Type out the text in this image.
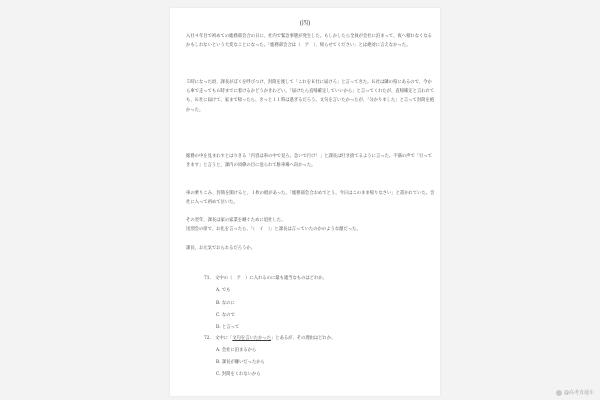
(四)
入社４年目で初めての総務部会合の日に、社内で緊急事態が発生した。もしかしたら全員が会社に泊まって、夜へ帰れなくなるかもしれないという大変なことになった。「総務部会合は（　ア　）、帰らせてください」とは絶対に言えなかった。
５時になった頃、課長がぼくを呼びつけ、封筒を渡して「これをＫ社に届けろ」と言ってきた。Ｋ社は隣の県にあるので、今から車で走っても６時までに着けるかどうかきわどい。「届けたら直帰確定していいから」と言ってくれたが、直帰確定と言われても、Ｋ社に届けて、家まで帰ったら、きっと１１時は過ぎるだろう。文句を言いたかったが、「分かりました」と言って封筒を抱かった。
総務の中を見まわすとはりきる「内容は車の中で見ろ。急いで行け！」と課長は吐き捨てるように言った。不満の声で「行ってきます」と言うと、課内の同僚の目に送られて駐車場へ向かった。
車の乗りこみ、封筒を開けると、１枚の紙があった。「総務部会合おめでとう。今日はこのまま帰りなさい」と書かれていた。会社に入って初めて泣いた。
その翌年、課長は家の家業を継ぐために退社した。
送別会の席で、お礼を言ったら、「（　イ　）」と課長は言っていたのかのような顔だった。
課長、お元気でおられるだろうか。
71.　文中の（　ア　）に入れるのに最も適当なものはどれか。
A. でも
B. なのに
C. なので
D. と言って
72.　文中に「文句を言いたかった」とあるが、その理由はどれか。
A. 会社に泊まるから
B. 課長が嫌いだったから
C. 封筒をくれないから
@高考直通车
